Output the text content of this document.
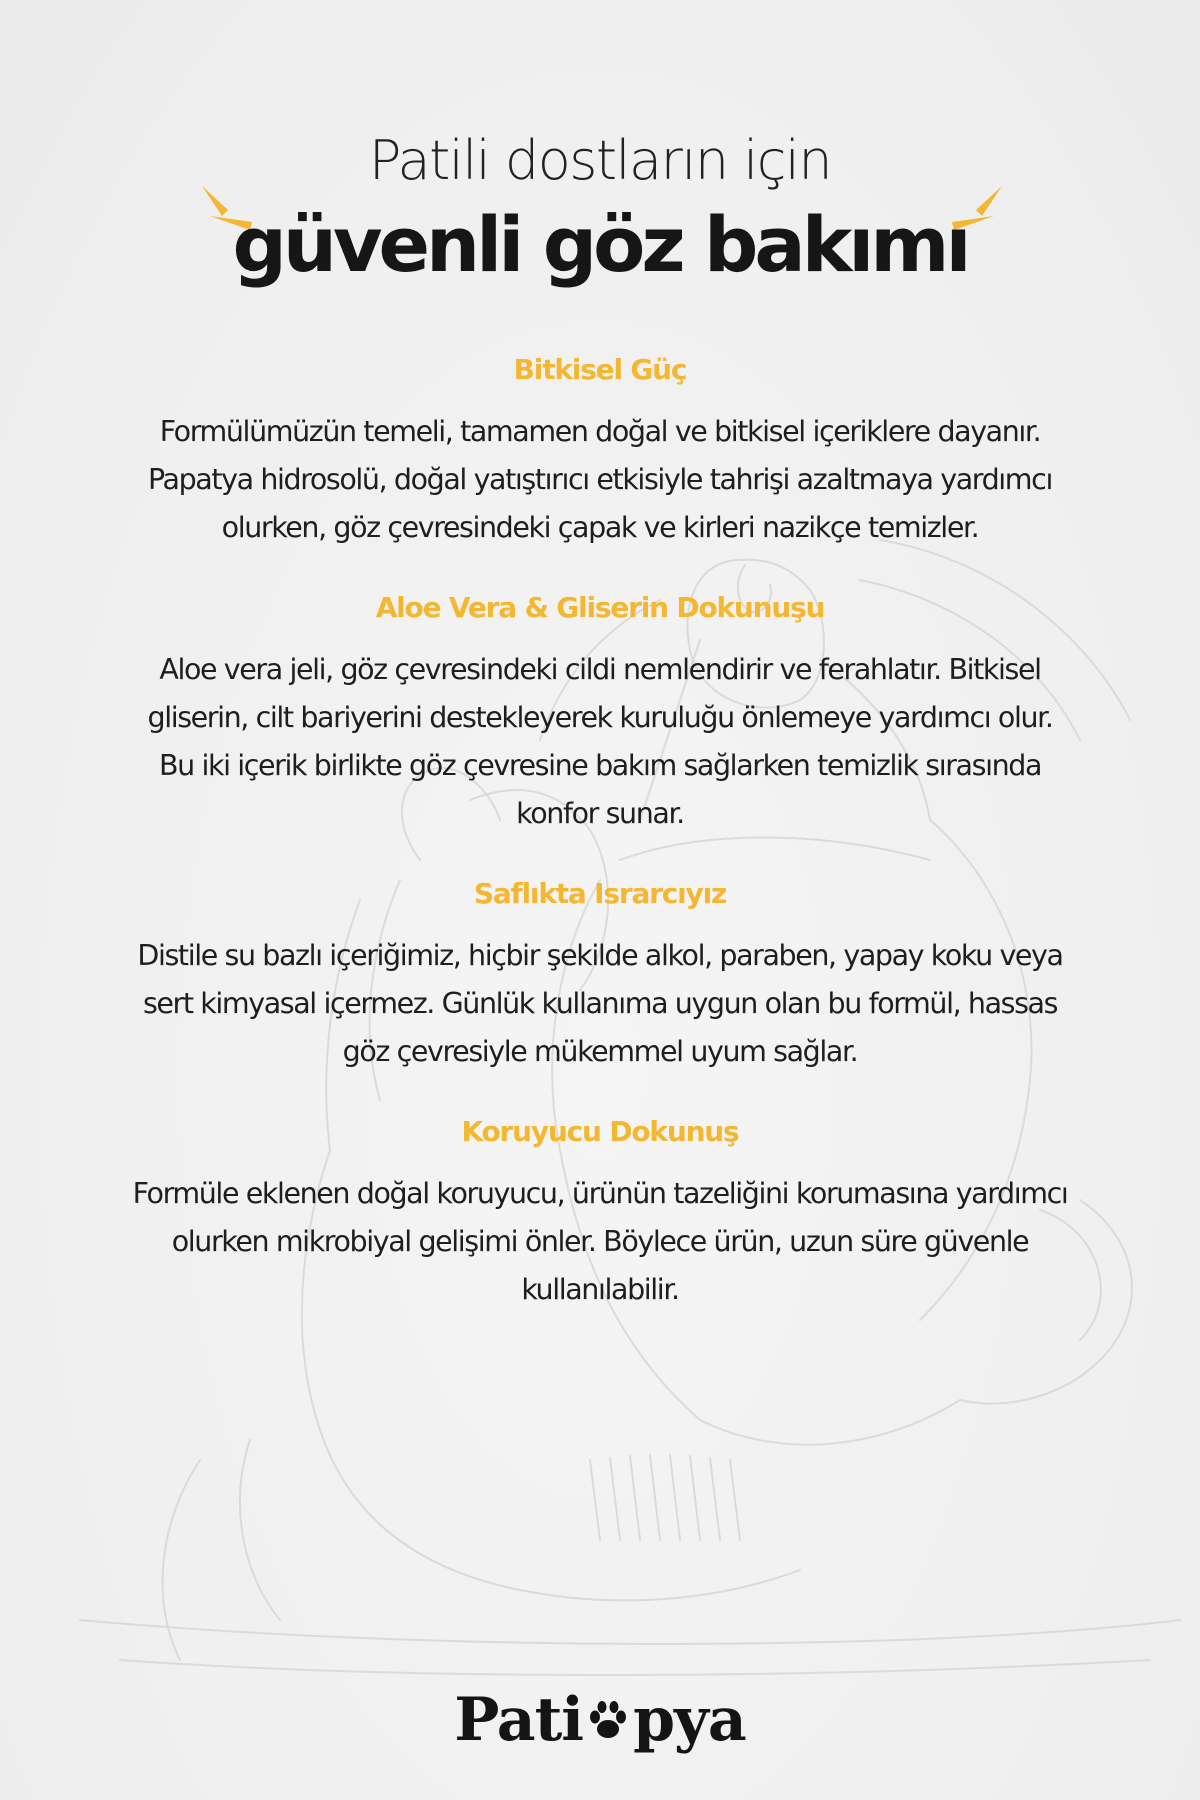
Patili dostların için
güvenli göz bakımı
Bitkisel Güç

Formülümüzün temeli, tamamen doğal ve bitkisel içeriklere dayanır. Papatya hidrosolü, doğal yatıştırıcı etkisiyle tahrişi azaltmaya yardımcı olurken, göz çevresindeki çapak ve kirleri nazikçe temizler.

Aloe Vera & Gliserin Dokunuşu

Aloe vera jeli, göz çevresindeki cildi nemlendirir ve ferahlatır. Bitkisel gliserin, cilt bariyerini destekleyerek kuruluğu önlemeye yardımcı olur. Bu iki içerik birlikte göz çevresine bakım sağlarken temizlik sırasında konfor sunar.

Saflıkta Israrcıyız

Distile su bazlı içeriğimiz, hiçbir şekilde alkol, paraben, yapay koku veya sert kimyasal içermez. Günlük kullanıma uygun olan bu formül, hassas göz çevresiyle mükemmel uyum sağlar.

Koruyucu Dokunuş

Formüle eklenen doğal koruyucu, ürünün tazeliğini korumasına yardımcı olurken mikrobiyal gelişimi önler. Böylece ürün, uzun süre güvenle kullanılabilir.

Pati pya
